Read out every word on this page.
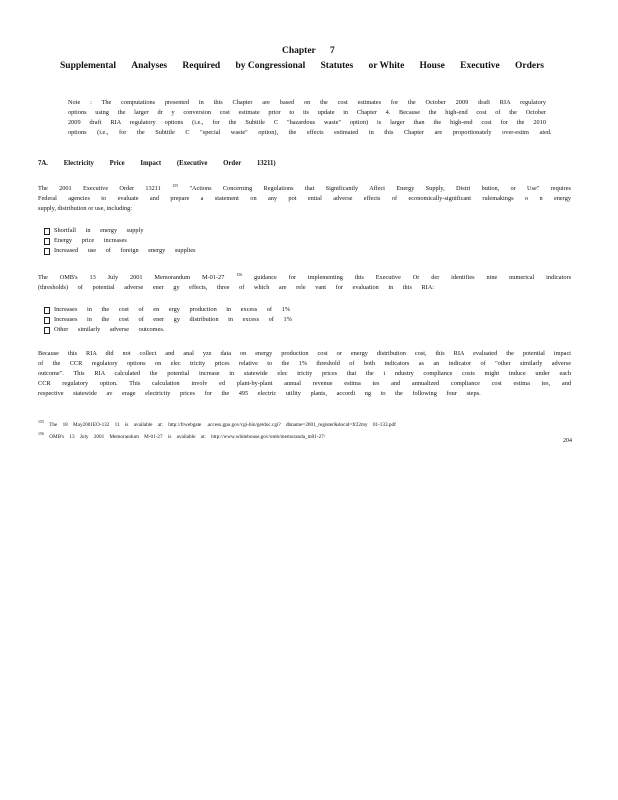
Chapter 7
Supplemental Analyses Required by Congressional Statutes or White House Executive Orders
Note : The computations presented in this Chapter are based on the cost estimates for the October 2009 draft RIA regulatory
options using the larger dr y conversion cost estimate prior to its update in Chapter 4. Because the high-end cost of the October
2009 draft RIA regulatory options (i.e., for the Subtitle C "hazardous waste" option) is larger than the high-end cost for the 2010
options (i.e., for the Subtitle C "special waste" option), the effects estimated in this Chapter are proportionately over-estim ated.
7A. Electricity Price Impact (Executive Order 13211)
The 2001 Executive Order 13211	$^{155}$ "Actions Concerning Regulations that Significantly Affect Energy Supply, Distri bution, or Use" requires
Federal agencies to evaluate and prepare a statement on any pot ential adverse effects of economically-significant rulemakings o n energy
supply, distribution or use, including:
Shortfall in energy supply
Energy price increases
Increased use of foreign energy supplies
The OMB's 13 July 2001 Memorandum M-01-27	$^{156}$ guidance for implementing this Executive Or der identifies nine numerical indicators
(thresholds) of potential adverse ener gy effects, three of which are rele vant for evaluation in this RIA:
Increases in the cost of en ergy production in excess of 1%
Increases in the cost of ener gy distribution in excess of 1%
Other similarly adverse outcomes.
Because this RIA did not collect and anal yze data on energy production cost or energy distribution cost, this RIA evaluated the potential impact
of the CCR regulatory options on elec tricity prices relative to the 1% threshold of both indicators as an indicator of "other similarly adverse
outcome". This RIA calculated the potential increase in statewide elec tricity prices that the i ndustry compliance costs might induce under each
CCR regulatory option. This calculation involv ed plant-by-plant annual revenue estima tes and annualized compliance cost estima tes, and
respective statewide av erage electricity prices for the 495 electric utility plants, accordi ng to the following four steps.
$^{155}$ The 18 May2001EO-132 11 is available at: http://frwebgate .access.gpo.gov/cgi-bin/getdoc.cgi? dbname=2001_register&docid=fr22my 01-133.pdf
$^{156}$ OMB's 13 July 2001 Memorandum M-01-27 is available at: http://www.whitehouse.gov/omb/memoranda_m01-27/
204
